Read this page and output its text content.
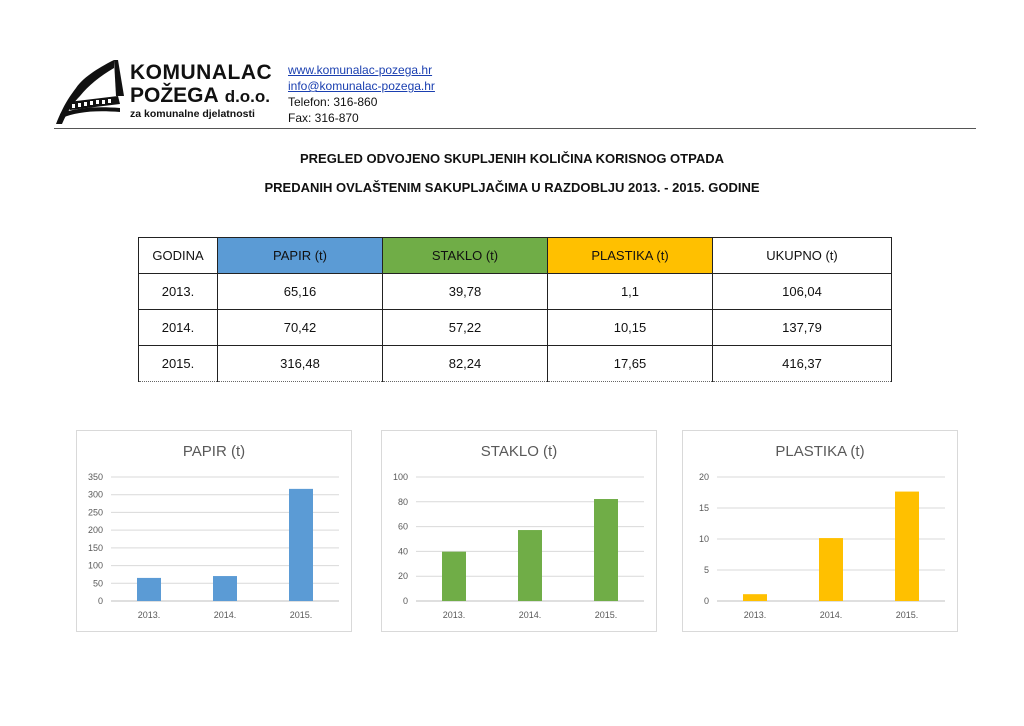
KOMUNALAC
POŽEGA d.o.o.
za komunalne djelatnosti
www.komunalac-pozega.hr
info@komunalac-pozega.hr
Telefon: 316-860
Fax: 316-870
PREGLED ODVOJENO SKUPLJENIH KOLIČINA KORISNOG OTPADA
PREDANIH OVLAŠTENIM SAKUPLJAČIMA U RAZDOBLJU 2013. - 2015. GODINE
GODINA	PAPIR (t)	STAKLO (t)	PLASTIKA (t)	UKUPNO (t)
2013.	65,16	39,78	1,1	106,04
2014.	70,42	57,22	10,15	137,79
2015.	316,48	82,24	17,65	416,37
PAPIR (t)
0
50
100
150
200
250
300
350
2013.	2014.	2015.
STAKLO (t)
0
20
40
60
80
100
2013.	2014.	2015.
PLASTIKA (t)
0
5
10
15
20
2013.	2014.	2015.
